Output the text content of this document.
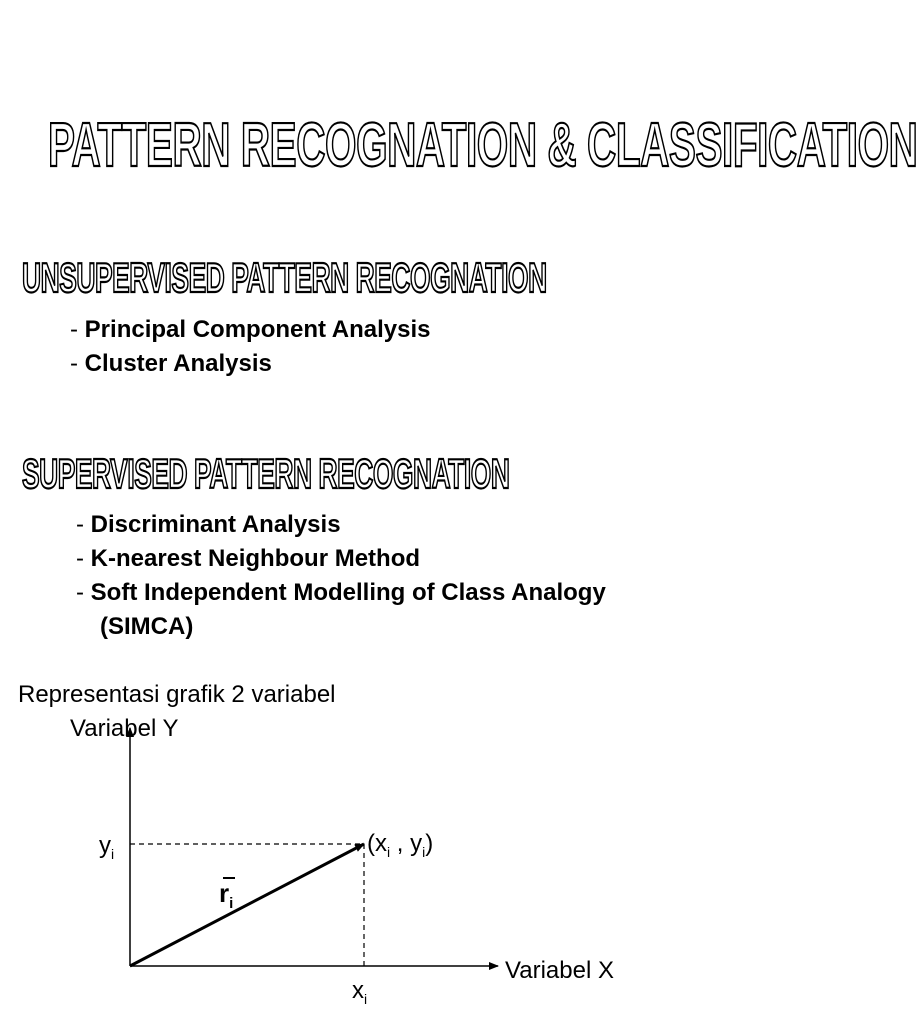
PATTERN RECOGNATION & CLASSIFICATION
UNSUPERVISED PATTERN RECOGNATION
- Principal Component Analysis
- Cluster Analysis
SUPERVISED PATTERN RECOGNATION
- Discriminant Analysis
- K-nearest Neighbour Method
- Soft Independent Modelling of Class Analogy
(SIMCA)

Representasi grafik 2 variabel

Variabel Y

Variabel X

$y_i$
$x_i$
($x_i$ , $y_i$)
$r_i$
